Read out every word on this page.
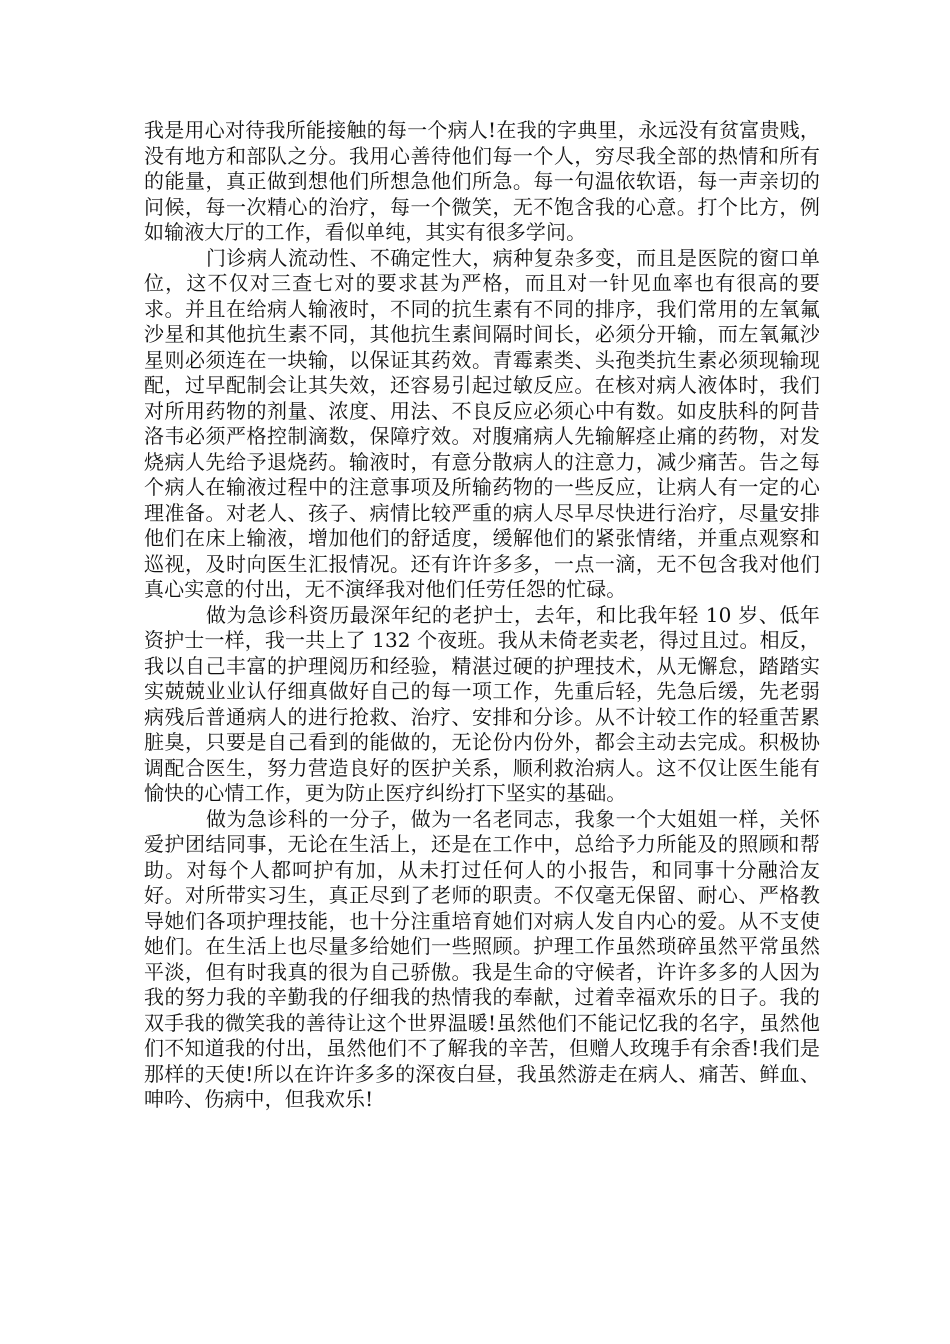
我是用心对待我所能接触的每一个病人!在我的字典里，永远没有贫富贵贱，没有地方和部队之分。我用心善待他们每一个人，穷尽我全部的热情和所有的能量，真正做到想他们所想急他们所急。每一句温依软语，每一声亲切的问候，每一次精心的治疗，每一个微笑，无不饱含我的心意。打个比方，例如输液大厅的工作，看似单纯，其实有很多学问。

门诊病人流动性、不确定性大，病种复杂多变，而且是医院的窗口单位，这不仅对三查七对的要求甚为严格，而且对一针见血率也有很高的要求。并且在给病人输液时，不同的抗生素有不同的排序，我们常用的左氧氟沙星和其他抗生素不同，其他抗生素间隔时间长，必须分开输，而左氧氟沙星则必须连在一块输，以保证其药效。青霉素类、头孢类抗生素必须现输现配，过早配制会让其失效，还容易引起过敏反应。在核对病人液体时，我们对所用药物的剂量、浓度、用法、不良反应必须心中有数。如皮肤科的阿昔洛韦必须严格控制滴数，保障疗效。对腹痛病人先输解痉止痛的药物，对发烧病人先给予退烧药。输液时，有意分散病人的注意力，减少痛苦。告之每个病人在输液过程中的注意事项及所输药物的一些反应，让病人有一定的心理准备。对老人、孩子、病情比较严重的病人尽早尽快进行治疗，尽量安排他们在床上输液，增加他们的舒适度，缓解他们的紧张情绪，并重点观察和巡视，及时向医生汇报情况。还有许许多多，一点一滴，无不包含我对他们真心实意的付出，无不演绎我对他们任劳任怨的忙碌。

做为急诊科资历最深年纪的老护士，去年，和比我年轻 10 岁、低年资护士一样，我一共上了 132 个夜班。我从未倚老卖老，得过且过。相反，我以自己丰富的护理阅历和经验，精湛过硬的护理技术，从无懈怠，踏踏实实兢兢业业认仔细真做好自己的每一项工作，先重后轻，先急后缓，先老弱病残后普通病人的进行抢救、治疗、安排和分诊。从不计较工作的轻重苦累脏臭，只要是自己看到的能做的，无论份内份外，都会主动去完成。积极协调配合医生，努力营造良好的医护关系，顺利救治病人。这不仅让医生能有愉快的心情工作，更为防止医疗纠纷打下坚实的基础。

做为急诊科的一分子，做为一名老同志，我象一个大姐姐一样，关怀爱护团结同事，无论在生活上，还是在工作中，总给予力所能及的照顾和帮助。对每个人都呵护有加，从未打过任何人的小报告，和同事十分融洽友好。对所带实习生，真正尽到了老师的职责。不仅毫无保留、耐心、严格教导她们各项护理技能，也十分注重培育她们对病人发自内心的爱。从不支使她们。在生活上也尽量多给她们一些照顾。护理工作虽然琐碎虽然平常虽然平淡，但有时我真的很为自己骄傲。我是生命的守候者，许许多多的人因为我的努力我的辛勤我的仔细我的热情我的奉献，过着幸福欢乐的日子。我的双手我的微笑我的善待让这个世界温暖!虽然他们不能记忆我的名字，虽然他们不知道我的付出，虽然他们不了解我的辛苦，但赠人玫瑰手有余香!我们是那样的天使!所以在许许多多的深夜白昼，我虽然游走在病人、痛苦、鲜血、呻吟、伤病中，但我欢乐!
